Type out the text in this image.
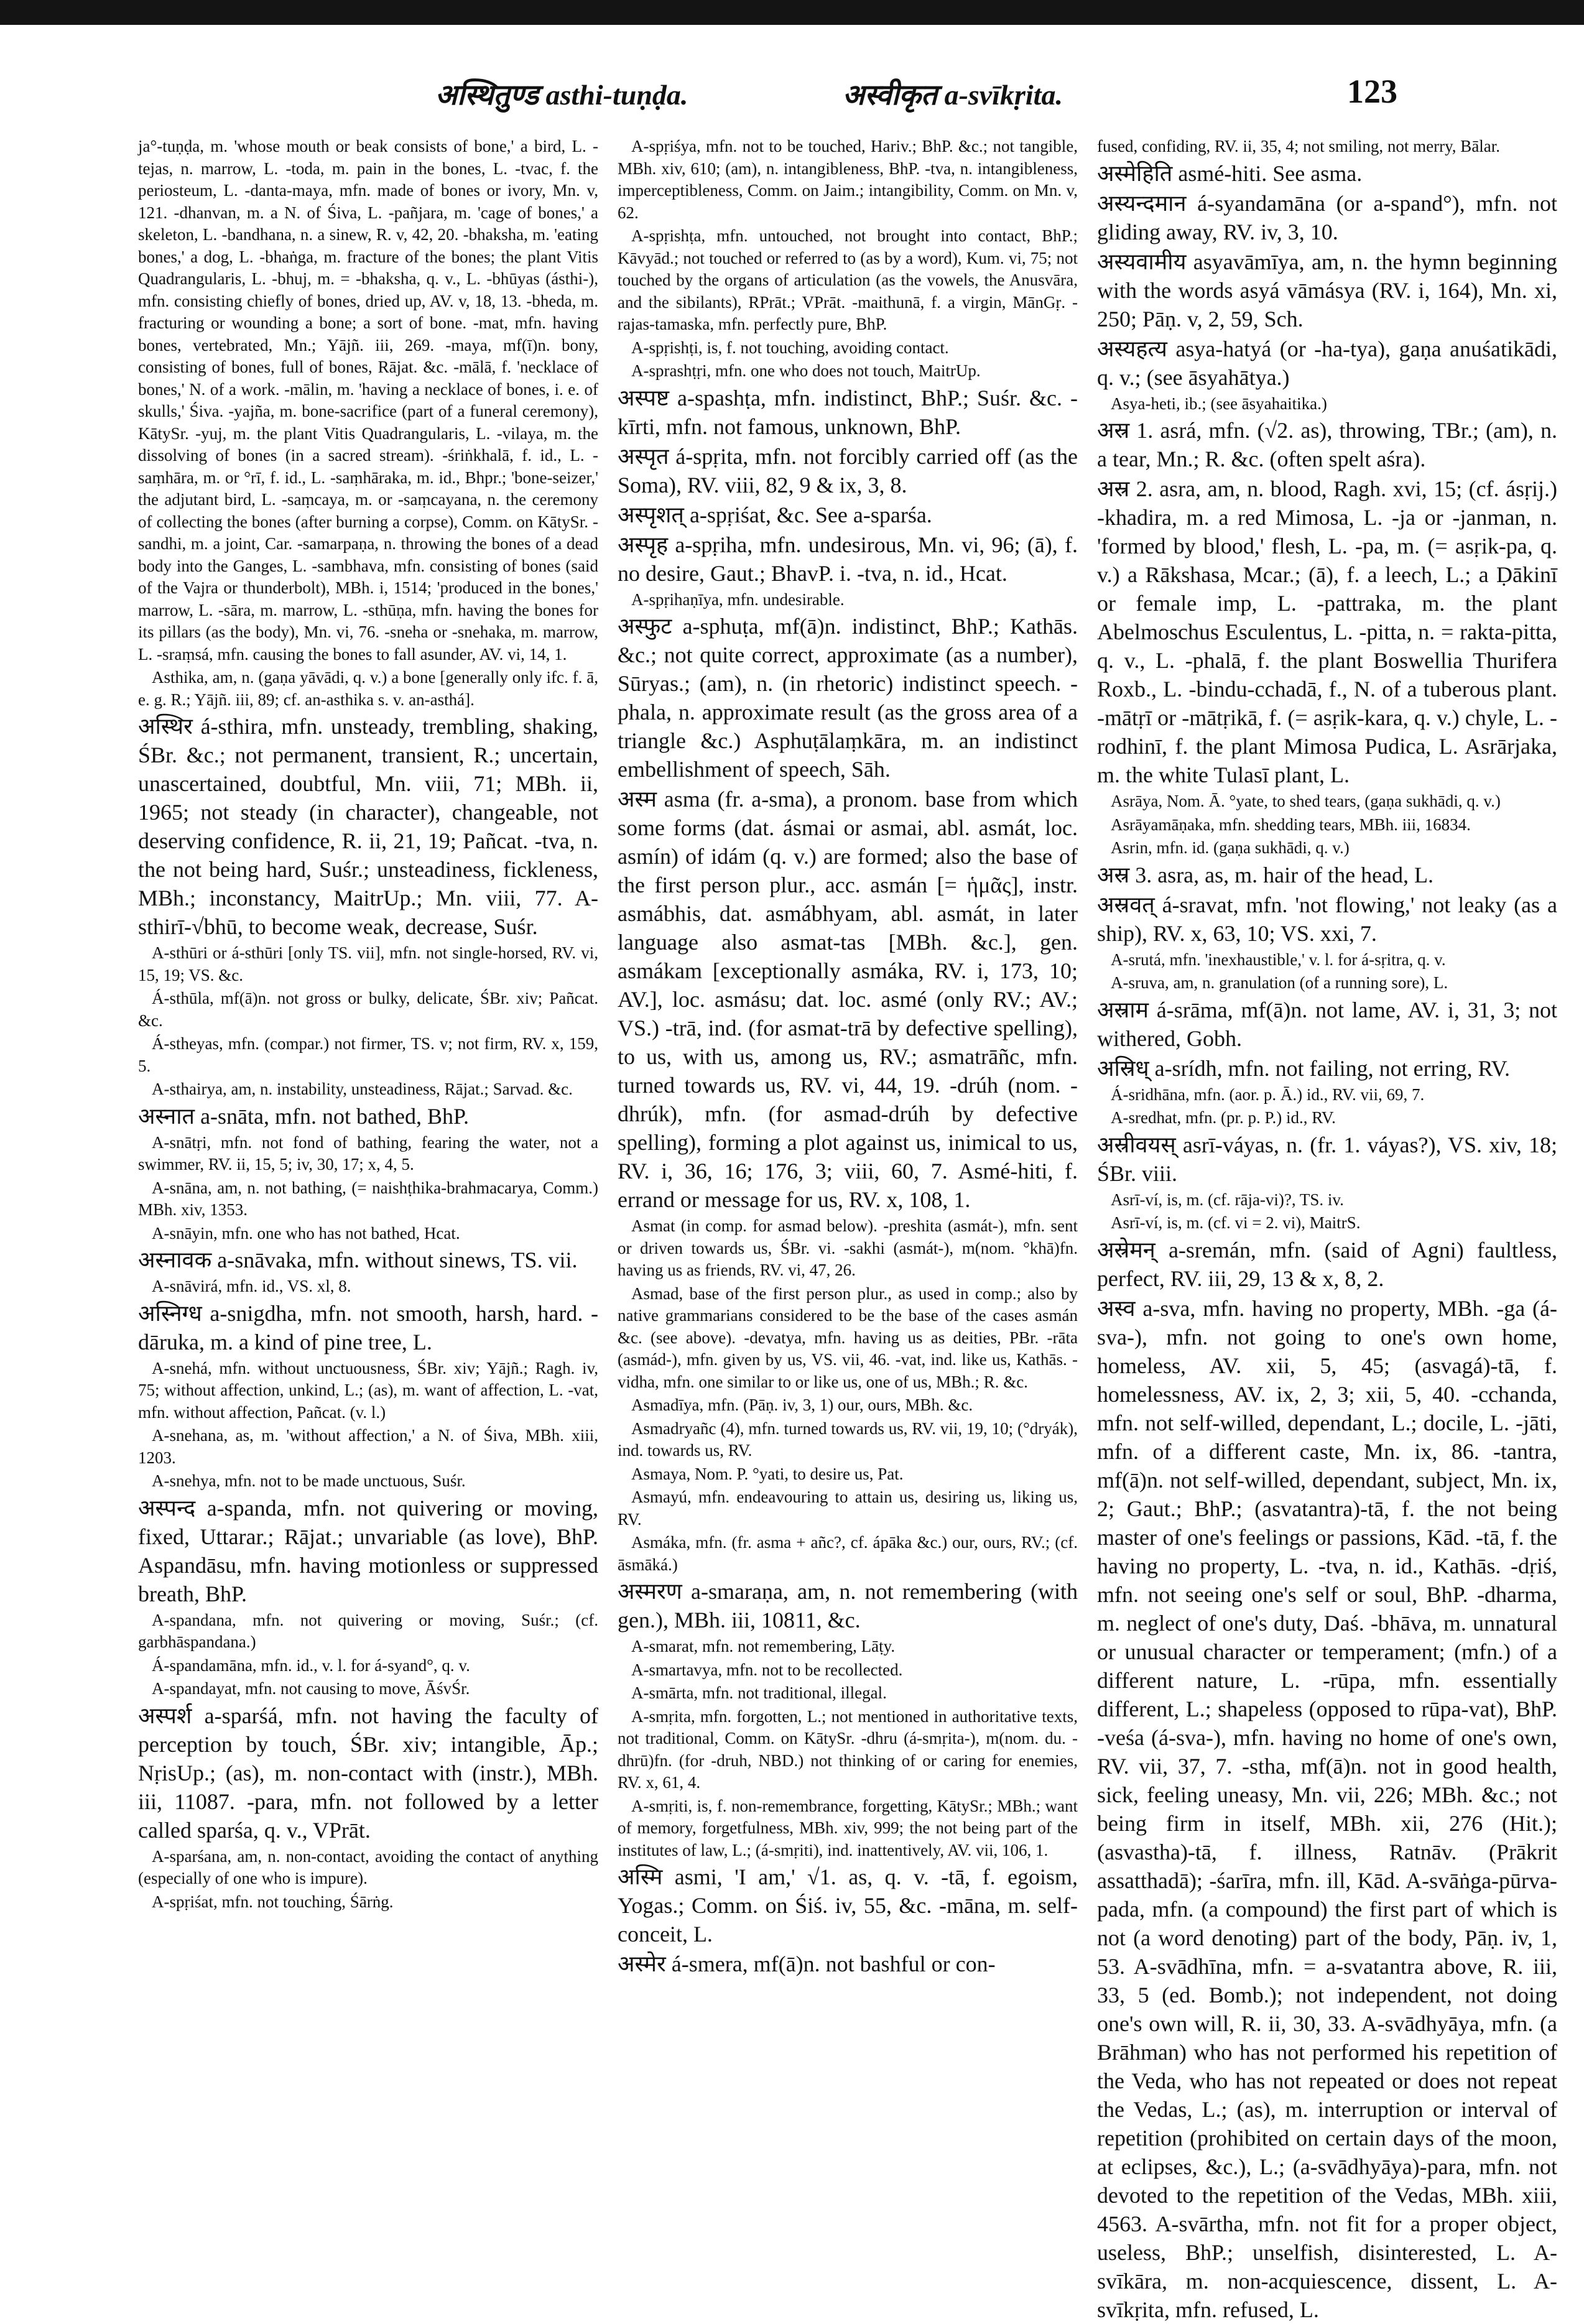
अस्थितुण्ड asthi-tuṇḍa.	अस्वीकृत a-svīkṛita.	123

ja°-tuṇḍa, m. 'whose mouth or beak consists of bone,' a bird, L. -tejas, n. marrow, L. -toda, m. pain in the bones, L. -tvac, f. the periosteum, L. -danta-maya, mfn. made of bones or ivory, Mn. v, 121. -dhanvan, m. a N. of Śiva, L. -pañjara, m. 'cage of bones,' a skeleton, L. -bandhana, n. a sinew, R. v, 42, 20. -bhaksha, m. 'eating bones,' a dog, L. -bhaṅga, m. fracture of the bones; the plant Vitis Quadrangularis, L. -bhuj, m. = -bhaksha, q. v., L. -bhūyas (ásthi-), mfn. consisting chiefly of bones, dried up, AV. v, 18, 13. -bheda, m. fracturing or wounding a bone; a sort of bone. -mat, mfn. having bones, vertebrated, Mn.; Yājñ. iii, 269. -maya, mf(ī)n. bony, consisting of bones, full of bones, Rājat. &c. -mālā, f. 'necklace of bones,' N. of a work. -mālin, m. 'having a necklace of bones, i. e. of skulls,' Śiva. -yajña, m. bone-sacrifice (part of a funeral ceremony), KātySr. -yuj, m. the plant Vitis Quadrangularis, L. -vilaya, m. the dissolving of bones (in a sacred stream). -śriṅkhalā, f. id., L. -saṃhāra, m. or °rī, f. id., L. -saṃhāraka, m. id., Bhpr.; 'bone-seizer,' the adjutant bird, L. -saṃcaya, m. or -saṃcayana, n. the ceremony of collecting the bones (after burning a corpse), Comm. on KātySr. -sandhi, m. a joint, Car. -samarpaṇa, n. throwing the bones of a dead body into the Ganges, L. -sambhava, mfn. consisting of bones (said of the Vajra or thunderbolt), MBh. i, 1514; 'produced in the bones,' marrow, L. -sāra, m. marrow, L. -sthūṇa, mfn. having the bones for its pillars (as the body), Mn. vi, 76. -sneha or -snehaka, m. marrow, L. -sraṃsá, mfn. causing the bones to fall asunder, AV. vi, 14, 1.

Asthika, am, n. (gaṇa yāvādi, q. v.) a bone [generally only ifc. f. ā, e. g. R.; Yājñ. iii, 89; cf. an-asthika s. v. an-asthá].

अस्थिर á-sthira, mfn. unsteady, trembling, shaking, ŚBr. &c.; not permanent, transient, R.; uncertain, unascertained, doubtful, Mn. viii, 71; MBh. ii, 1965; not steady (in character), changeable, not deserving confidence, R. ii, 21, 19; Pañcat. -tva, n. the not being hard, Suśr.; unsteadiness, fickleness, MBh.; inconstancy, MaitrUp.; Mn. viii, 77. A-sthirī-√bhū, to become weak, decrease, Suśr.

A-sthūri or á-sthūri [only TS. vii], mfn. not single-horsed, RV. vi, 15, 19; VS. &c.

Á-sthūla, mf(ā)n. not gross or bulky, delicate, ŚBr. xiv; Pañcat. &c.

Á-stheyas, mfn. (compar.) not firmer, TS. v; not firm, RV. x, 159, 5.

A-sthairya, am, n. instability, unsteadiness, Rājat.; Sarvad. &c.

अस्नात a-snāta, mfn. not bathed, BhP.

A-snātṛi, mfn. not fond of bathing, fearing the water, not a swimmer, RV. ii, 15, 5; iv, 30, 17; x, 4, 5.

A-snāna, am, n. not bathing, (= naishṭhika-brahmacarya, Comm.) MBh. xiv, 1353.

A-snāyin, mfn. one who has not bathed, Hcat.

अस्नावक a-snāvaka, mfn. without sinews, TS. vii.

A-snāvirá, mfn. id., VS. xl, 8.

अस्निग्ध a-snigdha, mfn. not smooth, harsh, hard. -dāruka, m. a kind of pine tree, L.

A-snehá, mfn. without unctuousness, ŚBr. xiv; Yājñ.; Ragh. iv, 75; without affection, unkind, L.; (as), m. want of affection, L. -vat, mfn. without affection, Pañcat. (v. l.)

A-snehana, as, m. 'without affection,' a N. of Śiva, MBh. xiii, 1203.

A-snehya, mfn. not to be made unctuous, Suśr.

अस्पन्द a-spanda, mfn. not quivering or moving, fixed, Uttarar.; Rājat.; unvariable (as love), BhP. Aspandāsu, mfn. having motionless or suppressed breath, BhP.

A-spandana, mfn. not quivering or moving, Suśr.; (cf. garbhāspandana.)

Á-spandamāna, mfn. id., v. l. for á-syand°, q. v.

A-spandayat, mfn. not causing to move, ĀśvŚr.

अस्पर्श a-sparśá, mfn. not having the faculty of perception by touch, ŚBr. xiv; intangible, Āp.; NṛisUp.; (as), m. non-contact with (instr.), MBh. iii, 11087. -para, mfn. not followed by a letter called sparśa, q. v., VPrāt.

A-sparśana, am, n. non-contact, avoiding the contact of anything (especially of one who is impure).

A-spṛiśat, mfn. not touching, Śārṅg.

A-spṛiśya, mfn. not to be touched, Hariv.; BhP. &c.; not tangible, MBh. xiv, 610; (am), n. intangibleness, BhP. -tva, n. intangibleness, imperceptibleness, Comm. on Jaim.; intangibility, Comm. on Mn. v, 62.

A-spṛishṭa, mfn. untouched, not brought into contact, BhP.; Kāvyād.; not touched or referred to (as by a word), Kum. vi, 75; not touched by the organs of articulation (as the vowels, the Anusvāra, and the sibilants), RPrāt.; VPrāt. -maithunā, f. a virgin, MānGṛ. -rajas-tamaska, mfn. perfectly pure, BhP.

A-spṛishṭi, is, f. not touching, avoiding contact.

A-sprashṭṛi, mfn. one who does not touch, MaitrUp.

अस्पष्ट a-spashṭa, mfn. indistinct, BhP.; Suśr. &c. -kīrti, mfn. not famous, unknown, BhP.

अस्पृत á-spṛita, mfn. not forcibly carried off (as the Soma), RV. viii, 82, 9 & ix, 3, 8.

अस्पृशत् a-spṛiśat, &c. See a-sparśa.

अस्पृह a-spṛiha, mfn. undesirous, Mn. vi, 96; (ā), f. no desire, Gaut.; BhavP. i. -tva, n. id., Hcat.

A-spṛihaṇīya, mfn. undesirable.

अस्फुट a-sphuṭa, mf(ā)n. indistinct, BhP.; Kathās. &c.; not quite correct, approximate (as a number), Sūryas.; (am), n. (in rhetoric) indistinct speech. -phala, n. approximate result (as the gross area of a triangle &c.) Asphuṭālaṃkāra, m. an indistinct embellishment of speech, Sāh.

अस्म asma (fr. a-sma), a pronom. base from which some forms (dat. ásmai or asmai, abl. asmát, loc. asmín) of idám (q. v.) are formed; also the base of the first person plur., acc. asmán [= ἡμᾶς], instr. asmábhis, dat. asmábhyam, abl. asmát, in later language also asmat-tas [MBh. &c.], gen. asmákam [exceptionally asmáka, RV. i, 173, 10; AV.], loc. asmásu; dat. loc. asmé (only RV.; AV.; VS.) -trā, ind. (for asmat-trā by defective spelling), to us, with us, among us, RV.; asmatrāñc, mfn. turned towards us, RV. vi, 44, 19. -drúh (nom. -dhrúk), mfn. (for asmad-drúh by defective spelling), forming a plot against us, inimical to us, RV. i, 36, 16; 176, 3; viii, 60, 7. Asmé-hiti, f. errand or message for us, RV. x, 108, 1.

Asmat (in comp. for asmad below). -preshita (asmát-), mfn. sent or driven towards us, ŚBr. vi. -sakhi (asmát-), m(nom. °khā)fn. having us as friends, RV. vi, 47, 26.

Asmad, base of the first person plur., as used in comp.; also by native grammarians considered to be the base of the cases asmán &c. (see above). -devatya, mfn. having us as deities, PBr. -rāta (asmád-), mfn. given by us, VS. vii, 46. -vat, ind. like us, Kathās. -vidha, mfn. one similar to or like us, one of us, MBh.; R. &c.

Asmadīya, mfn. (Pāṇ. iv, 3, 1) our, ours, MBh. &c.

Asmadryañc (4), mfn. turned towards us, RV. vii, 19, 10; (°dryák), ind. towards us, RV.

Asmaya, Nom. P. °yati, to desire us, Pat.

Asmayú, mfn. endeavouring to attain us, desiring us, liking us, RV.

Asmáka, mfn. (fr. asma + añc?, cf. ápāka &c.) our, ours, RV.; (cf. āsmāká.)

अस्मरण a-smaraṇa, am, n. not remembering (with gen.), MBh. iii, 10811, &c.

A-smarat, mfn. not remembering, Lāṭy.

A-smartavya, mfn. not to be recollected.

A-smārta, mfn. not traditional, illegal.

A-smṛita, mfn. forgotten, L.; not mentioned in authoritative texts, not traditional, Comm. on KātySr. -dhru (á-smṛita-), m(nom. du. -dhrū)fn. (for -druh, NBD.) not thinking of or caring for enemies, RV. x, 61, 4.

A-smṛiti, is, f. non-remembrance, forgetting, KātySr.; MBh.; want of memory, forgetfulness, MBh. xiv, 999; the not being part of the institutes of law, L.; (á-smṛiti), ind. inattentively, AV. vii, 106, 1.

अस्मि asmi, 'I am,' √1. as, q. v. -tā, f. egoism, Yogas.; Comm. on Śiś. iv, 55, &c. -māna, m. self-conceit, L.

अस्मेर á-smera, mf(ā)n. not bashful or con-

fused, confiding, RV. ii, 35, 4; not smiling, not merry, Bālar.

अस्मेहिति asmé-hiti. See asma.

अस्यन्दमान á-syandamāna (or a-spand°), mfn. not gliding away, RV. iv, 3, 10.

अस्यवामीय asyavāmīya, am, n. the hymn beginning with the words asyá vāmásya (RV. i, 164), Mn. xi, 250; Pāṇ. v, 2, 59, Sch.

अस्यहत्य asya-hatyá (or -ha-tya), gaṇa anuśatikādi, q. v.; (see āsyahātya.)

Asya-heti, ib.; (see āsyahaitika.)

अस्र 1. asrá, mfn. (√2. as), throwing, TBr.; (am), n. a tear, Mn.; R. &c. (often spelt aśra).

अस्र 2. asra, am, n. blood, Ragh. xvi, 15; (cf. ásṛij.) -khadira, m. a red Mimosa, L. -ja or -janman, n. 'formed by blood,' flesh, L. -pa, m. (= asṛik-pa, q. v.) a Rākshasa, Mcar.; (ā), f. a leech, L.; a Ḍākinī or female imp, L. -pattraka, m. the plant Abelmoschus Esculentus, L. -pitta, n. = rakta-pitta, q. v., L. -phalā, f. the plant Boswellia Thurifera Roxb., L. -bindu-cchadā, f., N. of a tuberous plant. -mātṛī or -mātṛikā, f. (= asṛik-kara, q. v.) chyle, L. -rodhinī, f. the plant Mimosa Pudica, L. Asrārjaka, m. the white Tulasī plant, L.

Asrāya, Nom. Ā. °yate, to shed tears, (gaṇa sukhādi, q. v.)

Asrāyamāṇaka, mfn. shedding tears, MBh. iii, 16834.

Asrin, mfn. id. (gaṇa sukhādi, q. v.)

अस्र 3. asra, as, m. hair of the head, L.

अस्रवत् á-sravat, mfn. 'not flowing,' not leaky (as a ship), RV. x, 63, 10; VS. xxi, 7.

A-srutá, mfn. 'inexhaustible,' v. l. for á-sṛitra, q. v.

A-sruva, am, n. granulation (of a running sore), L.

अस्राम á-srāma, mf(ā)n. not lame, AV. i, 31, 3; not withered, Gobh.

अस्रिध् a-srídh, mfn. not failing, not erring, RV.

Á-sridhāna, mfn. (aor. p. Ā.) id., RV. vii, 69, 7.

A-sredhat, mfn. (pr. p. P.) id., RV.

अस्रीवयस् asrī-váyas, n. (fr. 1. váyas?), VS. xiv, 18; ŚBr. viii.

Asrī-ví, is, m. (cf. rāja-vi)?, TS. iv.

Asrī-ví, is, m. (cf. vi = 2. vi), MaitrS.

अस्रेमन् a-sremán, mfn. (said of Agni) faultless, perfect, RV. iii, 29, 13 & x, 8, 2.

अस्व a-sva, mfn. having no property, MBh. -ga (á-sva-), mfn. not going to one's own home, homeless, AV. xii, 5, 45; (asvagá)-tā, f. homelessness, AV. ix, 2, 3; xii, 5, 40. -cchanda, mfn. not self-willed, dependant, L.; docile, L. -jāti, mfn. of a different caste, Mn. ix, 86. -tantra, mf(ā)n. not self-willed, dependant, subject, Mn. ix, 2; Gaut.; BhP.; (asvatantra)-tā, f. the not being master of one's feelings or passions, Kād. -tā, f. the having no property, L. -tva, n. id., Kathās. -dṛiś, mfn. not seeing one's self or soul, BhP. -dharma, m. neglect of one's duty, Daś. -bhāva, m. unnatural or unusual character or temperament; (mfn.) of a different nature, L. -rūpa, mfn. essentially different, L.; shapeless (opposed to rūpa-vat), BhP. -veśa (á-sva-), mfn. having no home of one's own, RV. vii, 37, 7. -stha, mf(ā)n. not in good health, sick, feeling uneasy, Mn. vii, 226; MBh. &c.; not being firm in itself, MBh. xii, 276 (Hit.); (asvastha)-tā, f. illness, Ratnāv. (Prākrit assatthadā); -śarīra, mfn. ill, Kād. A-svāṅga-pūrva-pada, mfn. (a compound) the first part of which is not (a word denoting) part of the body, Pāṇ. iv, 1, 53. A-svādhīna, mfn. = a-svatantra above, R. iii, 33, 5 (ed. Bomb.); not independent, not doing one's own will, R. ii, 30, 33. A-svādhyāya, mfn. (a Brāhman) who has not performed his repetition of the Veda, who has not repeated or does not repeat the Vedas, L.; (as), m. interruption or interval of repetition (prohibited on certain days of the moon, at eclipses, &c.), L.; (a-svādhyāya)-para, mfn. not devoted to the repetition of the Vedas, MBh. xiii, 4563. A-svārtha, mfn. not fit for a proper object, useless, BhP.; unselfish, disinterested, L. A-svīkāra, m. non-acquiescence, dissent, L. A-svīkṛita, mfn. refused, L.
